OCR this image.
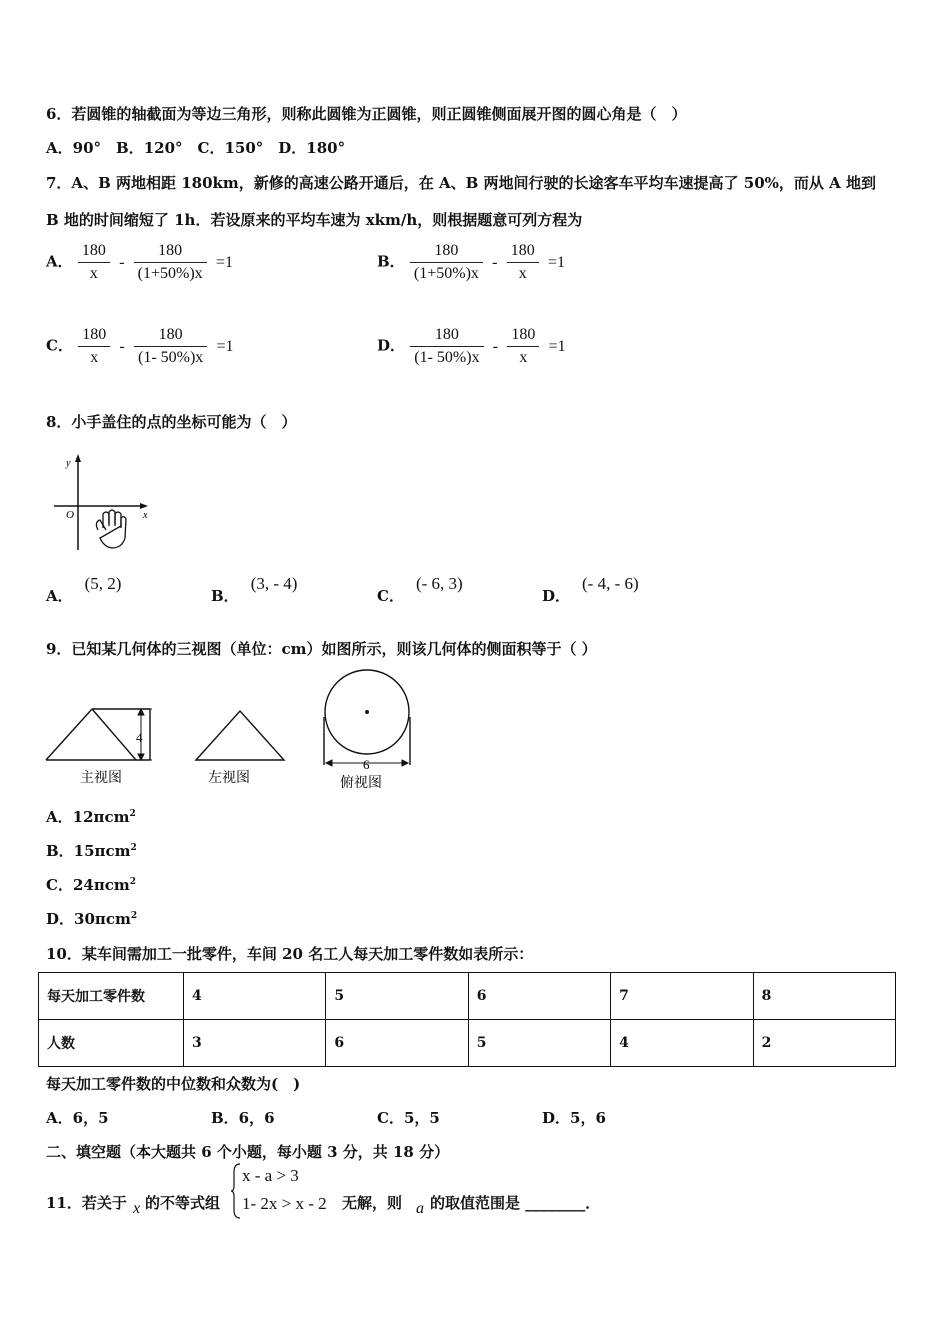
6．若圆锥的轴截面为等边三角形，则称此圆锥为正圆锥，则正圆锥侧面展开图的圆心角是（　）
A．90°　B．120°　C．150°　D．180°
7．A、B 两地相距 180km，新修的高速公路开通后，在 A、B 两地间行驶的长途客车平均车速提高了 50%，而从 A 地到
B 地的时间缩短了 1h．若设原来的平均车速为 xkm/h，则根据题意可列方程为
A． $\frac{180}{x} - \frac{180}{(1+50\%)x} =1$	B． $\frac{180}{(1+50\%)x} - \frac{180}{x} =1$
C． $\frac{180}{x} - \frac{180}{(1- 50\%)x} =1$	D． $\frac{180}{(1- 50\%)x} - \frac{180}{x} =1$
8．小手盖住的点的坐标可能为（　）
y
x
O
A．(5, 2)
B．(3, - 4)
C．(- 6, 3)
D．(- 4, - 6)
9．已知某几何体的三视图（单位：cm）如图所示，则该几何体的侧面积等于（ ）
4
主视图	左视图
6
俯视图
A．12πcm$^2$
B．15πcm$^2$
C．24πcm$^2$
D．30πcm$^2$
10．某车间需加工一批零件，车间 20 名工人每天加工零件数如表所示：
每天加工零件数	4	5	6	7	8
人数	3	6	5	4	2
每天加工零件数的中位数和众数为(　)
A．6，5	B．6，6	C．5，5	D．5，6
二、填空题（本大题共 6 个小题，每小题 3 分，共 18 分）
11．若关于 x 的不等式组
x - a > 3
1- 2x > x - 2 无解，则 a 的取值范围是 ________．
